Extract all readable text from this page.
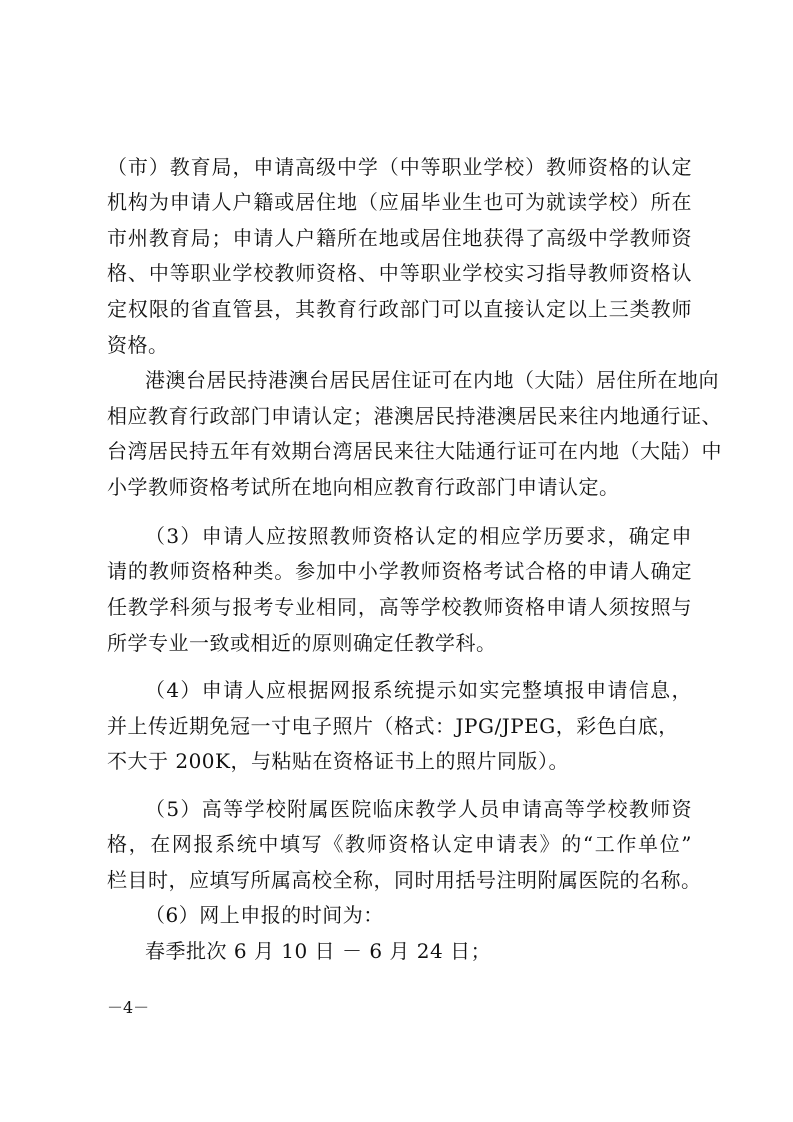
（市）教育局，申请高级中学（中等职业学校）教师资格的认定
机构为申请人户籍或居住地（应届毕业生也可为就读学校）所在
市州教育局；申请人户籍所在地或居住地获得了高级中学教师资
格、中等职业学校教师资格、中等职业学校实习指导教师资格认
定权限的省直管县，其教育行政部门可以直接认定以上三类教师
资格。
港澳台居民持港澳台居民居住证可在内地（大陆）居住所在地向
相应教育行政部门申请认定；港澳居民持港澳居民来往内地通行证、
台湾居民持五年有效期台湾居民来往大陆通行证可在内地（大陆）中
小学教师资格考试所在地向相应教育行政部门申请认定。
（3）申请人应按照教师资格认定的相应学历要求，确定申
请的教师资格种类。参加中小学教师资格考试合格的申请人确定
任教学科须与报考专业相同，高等学校教师资格申请人须按照与
所学专业一致或相近的原则确定任教学科。
（4）申请人应根据网报系统提示如实完整填报申请信息，
并上传近期免冠一寸电子照片（格式：JPG/JPEG，彩色白底，
不大于 200K，与粘贴在资格证书上的照片同版）。
（5）高等学校附属医院临床教学人员申请高等学校教师资
格，在网报系统中填写《教师资格认定申请表》的“工作单位”
栏目时，应填写所属高校全称，同时用括号注明附属医院的名称。
（6）网上申报的时间为：
春季批次 6 月 10 日 － 6 月 24 日；
－4－
